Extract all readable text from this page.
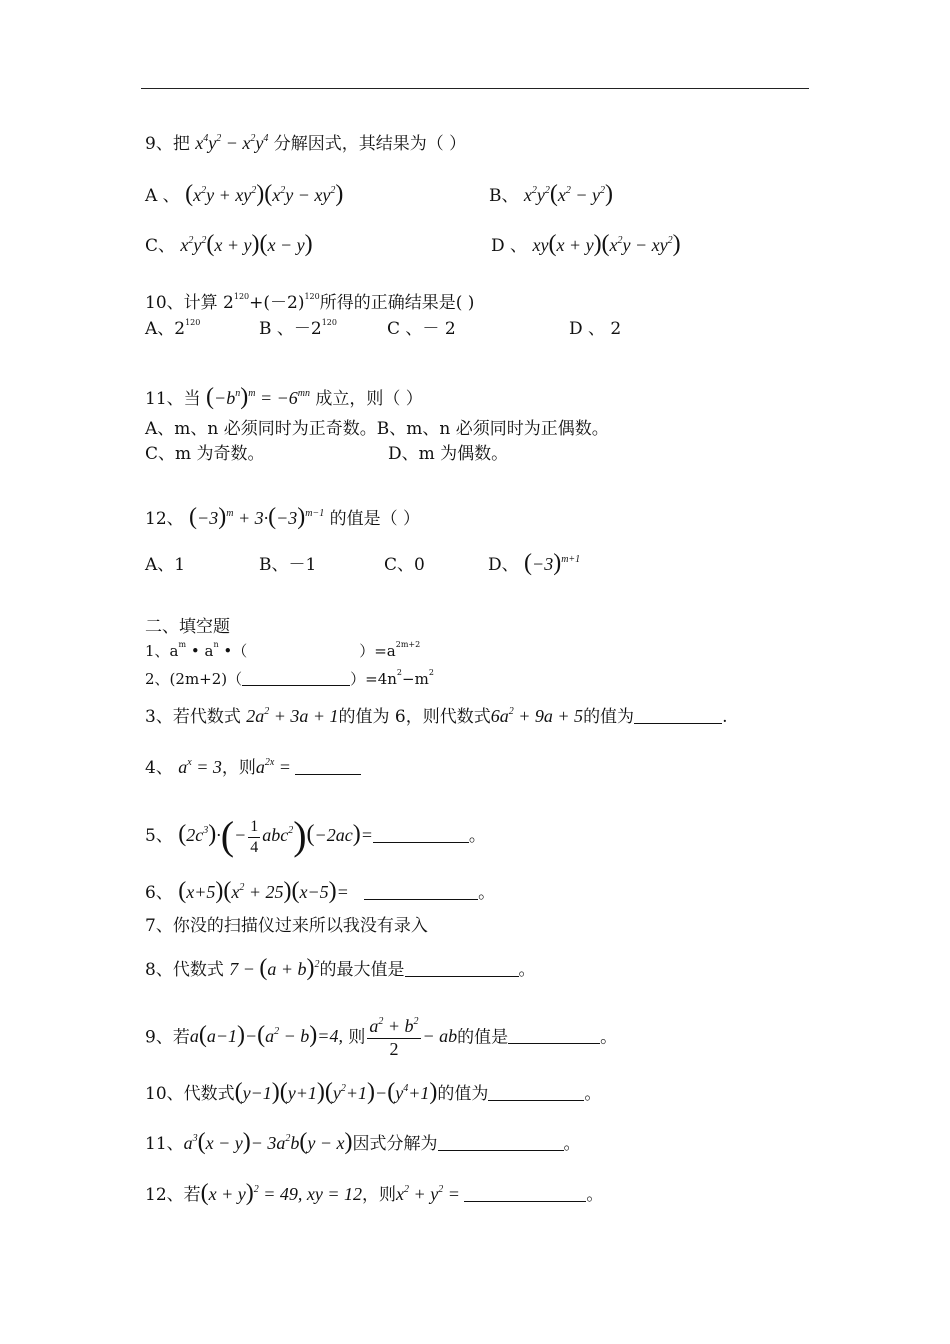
9、把 $x^4y^2 - x^2y^4$ 分解因式，其结果为（ ）
A 、 $(x^2y + xy^2)(x^2y - xy^2)$	B、 $x^2y^2(x^2 - y^2)$
C、 $x^2y^2(x + y)(x - y)$	D 、 $xy(x + y)(x^2y - xy^2)$
10、计算 $2^{120}+(-2)^{120}$所得的正确结果是( )
A、$2^{120}$	B 、$-2^{120}$	C 、－ 2	D 、 2
11、当 $(-b^n)^m = -6^{mn}$ 成立，则（ ）
A、m、n 必须同时为正奇数。B、m、n 必须同时为正偶数。
C、m 为奇数。	D、m 为偶数。
12、 $(-3)^m + 3\cdot(-3)^{m-1}$ 的值是（ ）
A、1	B、－1	C、0	D、 $(-3)^{m+1}$
二、填空题
1、$a^m$ • $a^n$ •（	）$=a^{2m+2}$
2、(2m+2)（	）$=4n^2-m^2$
3、若代数式 $2a^2 + 3a + 1$的值为 6，则代数式$6a^2 + 9a + 5$的值为	.
4、 $a^x = 3$，则$a^{2x}$ =
5、 $(2c^3)\cdot(- \frac{1}{4} abc^2)(-2ac)=$	。
6、 $(x+5)(x^2 + 25)(x-5)=$	。
7、你没的扫描仪过来所以我没有录入
8、代数式 $7 - (a + b)^2$的最大值是	。
9、若$a(a-1)-(a^2 - b)=4$, 则 $\frac{a^2 + b^2}{2}$ − ab的值是	。
10、代数式$(y-1)(y+1)(y^2+1)-(y^4+1)$的值为	。
11、$a^3(x - y)- 3a^2b(y - x)$因式分解为	。
12、若$(x + y)^2 = 49$, xy = 12，则$x^2 + y^2$ =	。
